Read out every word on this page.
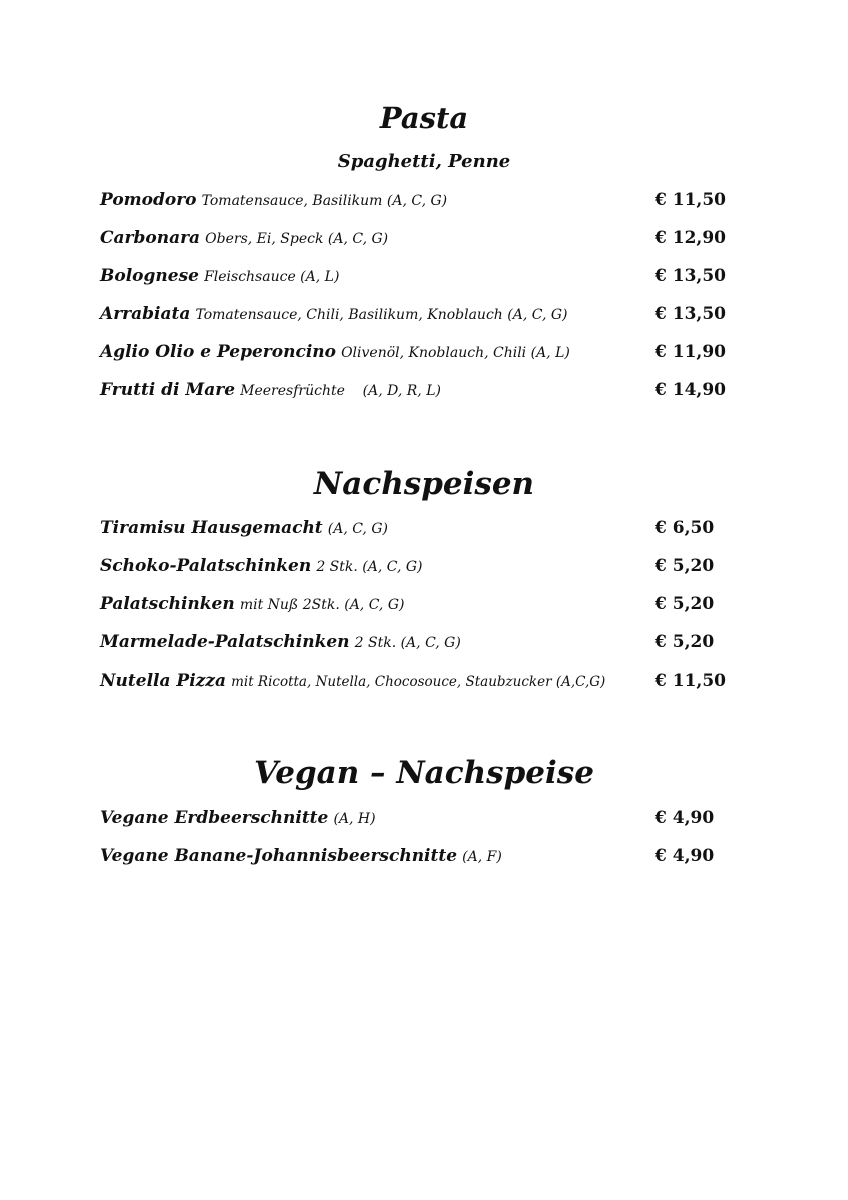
Pasta
Spaghetti, Penne
Pomodoro Tomatensauce, Basilikum (A, C, G)	€ 11,50
Carbonara Obers, Ei, Speck (A, C, G)	€ 12,90
Bolognese Fleischsauce (A, L)	€ 13,50
Arrabiata Tomatensauce, Chili, Basilikum, Knoblauch (A, C, G)	€ 13,50
Aglio Olio e Peperoncino Olivenöl, Knoblauch, Chili (A, L)	€ 11,90
Frutti di Mare Meeresfrüchte    (A, D, R, L)	€ 14,90
Nachspeisen
Tiramisu Hausgemacht (A, C, G)	€ 6,50
Schoko-Palatschinken 2 Stk. (A, C, G)	€ 5,20
Palatschinken mit Nuß 2Stk. (A, C, G)	€ 5,20
Marmelade-Palatschinken 2 Stk. (A, C, G)	€ 5,20
Nutella Pizza mit Ricotta, Nutella, Chocosouce, Staubzucker (A,C,G)	€ 11,50
Vegan – Nachspeise
Vegane Erdbeerschnitte (A, H)	€ 4,90
Vegane Banane-Johannisbeerschnitte (A, F)	€ 4,90
